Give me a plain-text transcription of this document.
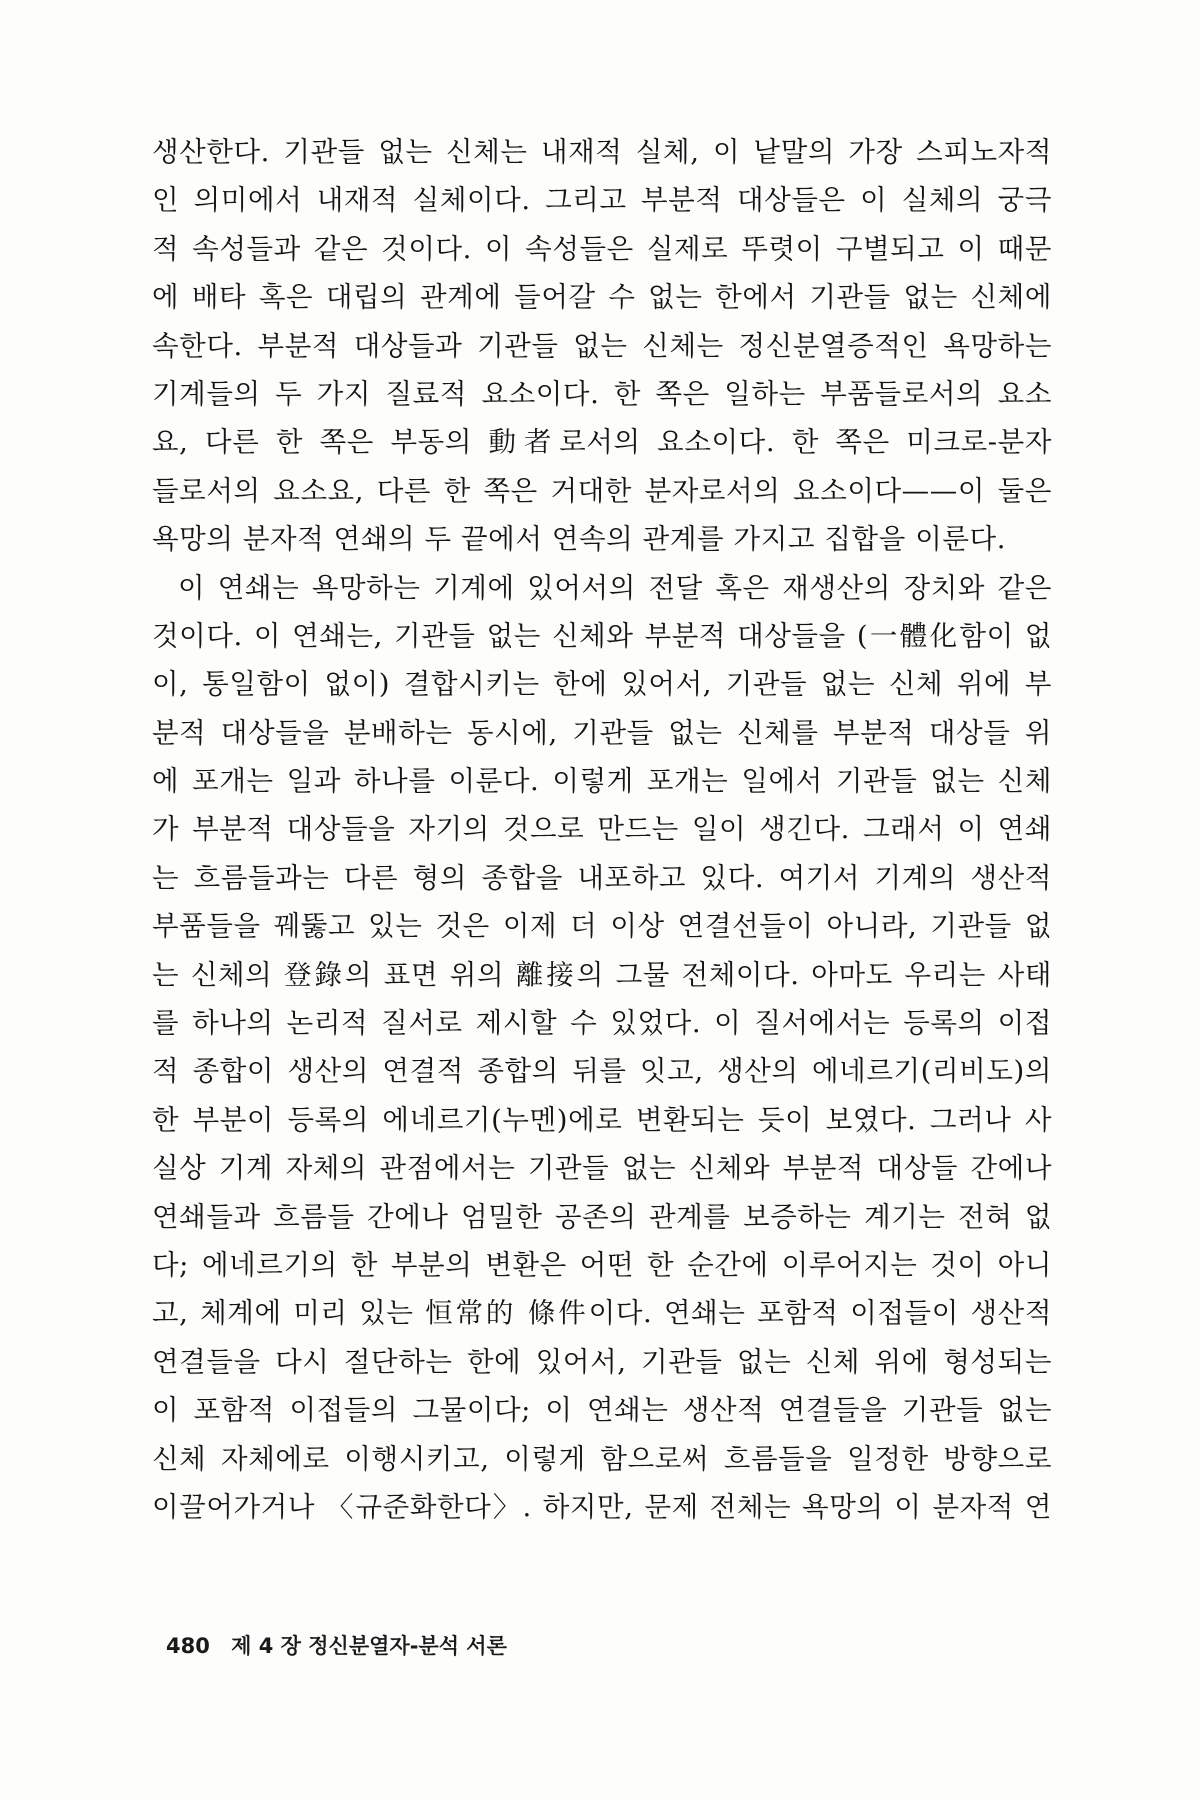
생산한다. 기관들 없는 신체는 내재적 실체, 이 낱말의 가장 스피노자적
인 의미에서 내재적 실체이다. 그리고 부분적 대상들은 이 실체의 궁극
적 속성들과 같은 것이다. 이 속성들은 실제로 뚜렷이 구별되고 이 때문
에 배타 혹은 대립의 관계에 들어갈 수 없는 한에서 기관들 없는 신체에
속한다. 부분적 대상들과 기관들 없는 신체는 정신분열증적인 욕망하는
기계들의 두 가지 질료적 요소이다. 한 쪽은 일하는 부품들로서의 요소
요, 다른 한 쪽은 부동의 動者로서의 요소이다. 한 쪽은 미크로-분자
들로서의 요소요, 다른 한 쪽은 거대한 분자로서의 요소이다——이 둘은
욕망의 분자적 연쇄의 두 끝에서 연속의 관계를 가지고 집합을 이룬다.
이 연쇄는 욕망하는 기계에 있어서의 전달 혹은 재생산의 장치와 같은
것이다. 이 연쇄는, 기관들 없는 신체와 부분적 대상들을 (一體化함이 없
이, 통일함이 없이) 결합시키는 한에 있어서, 기관들 없는 신체 위에 부
분적 대상들을 분배하는 동시에, 기관들 없는 신체를 부분적 대상들 위
에 포개는 일과 하나를 이룬다. 이렇게 포개는 일에서 기관들 없는 신체
가 부분적 대상들을 자기의 것으로 만드는 일이 생긴다. 그래서 이 연쇄
는 흐름들과는 다른 형의 종합을 내포하고 있다. 여기서 기계의 생산적
부품들을 꿰뚫고 있는 것은 이제 더 이상 연결선들이 아니라, 기관들 없
는 신체의 登錄의 표면 위의 離接의 그물 전체이다. 아마도 우리는 사태
를 하나의 논리적 질서로 제시할 수 있었다. 이 질서에서는 등록의 이접
적 종합이 생산의 연결적 종합의 뒤를 잇고, 생산의 에네르기(리비도)의
한 부분이 등록의 에네르기(누멘)에로 변환되는 듯이 보였다. 그러나 사
실상 기계 자체의 관점에서는 기관들 없는 신체와 부분적 대상들 간에나
연쇄들과 흐름들 간에나 엄밀한 공존의 관계를 보증하는 계기는 전혀 없
다; 에네르기의 한 부분의 변환은 어떤 한 순간에 이루어지는 것이 아니
고, 체계에 미리 있는 恒常的 條件이다. 연쇄는 포함적 이접들이 생산적
연결들을 다시 절단하는 한에 있어서, 기관들 없는 신체 위에 형성되는
이 포함적 이접들의 그물이다; 이 연쇄는 생산적 연결들을 기관들 없는
신체 자체에로 이행시키고, 이렇게 함으로써 흐름들을 일정한 방향으로
이끌어가거나 〈규준화한다〉. 하지만, 문제 전체는 욕망의 이 분자적 연
480 제 4 장 정신분열자-분석 서론
